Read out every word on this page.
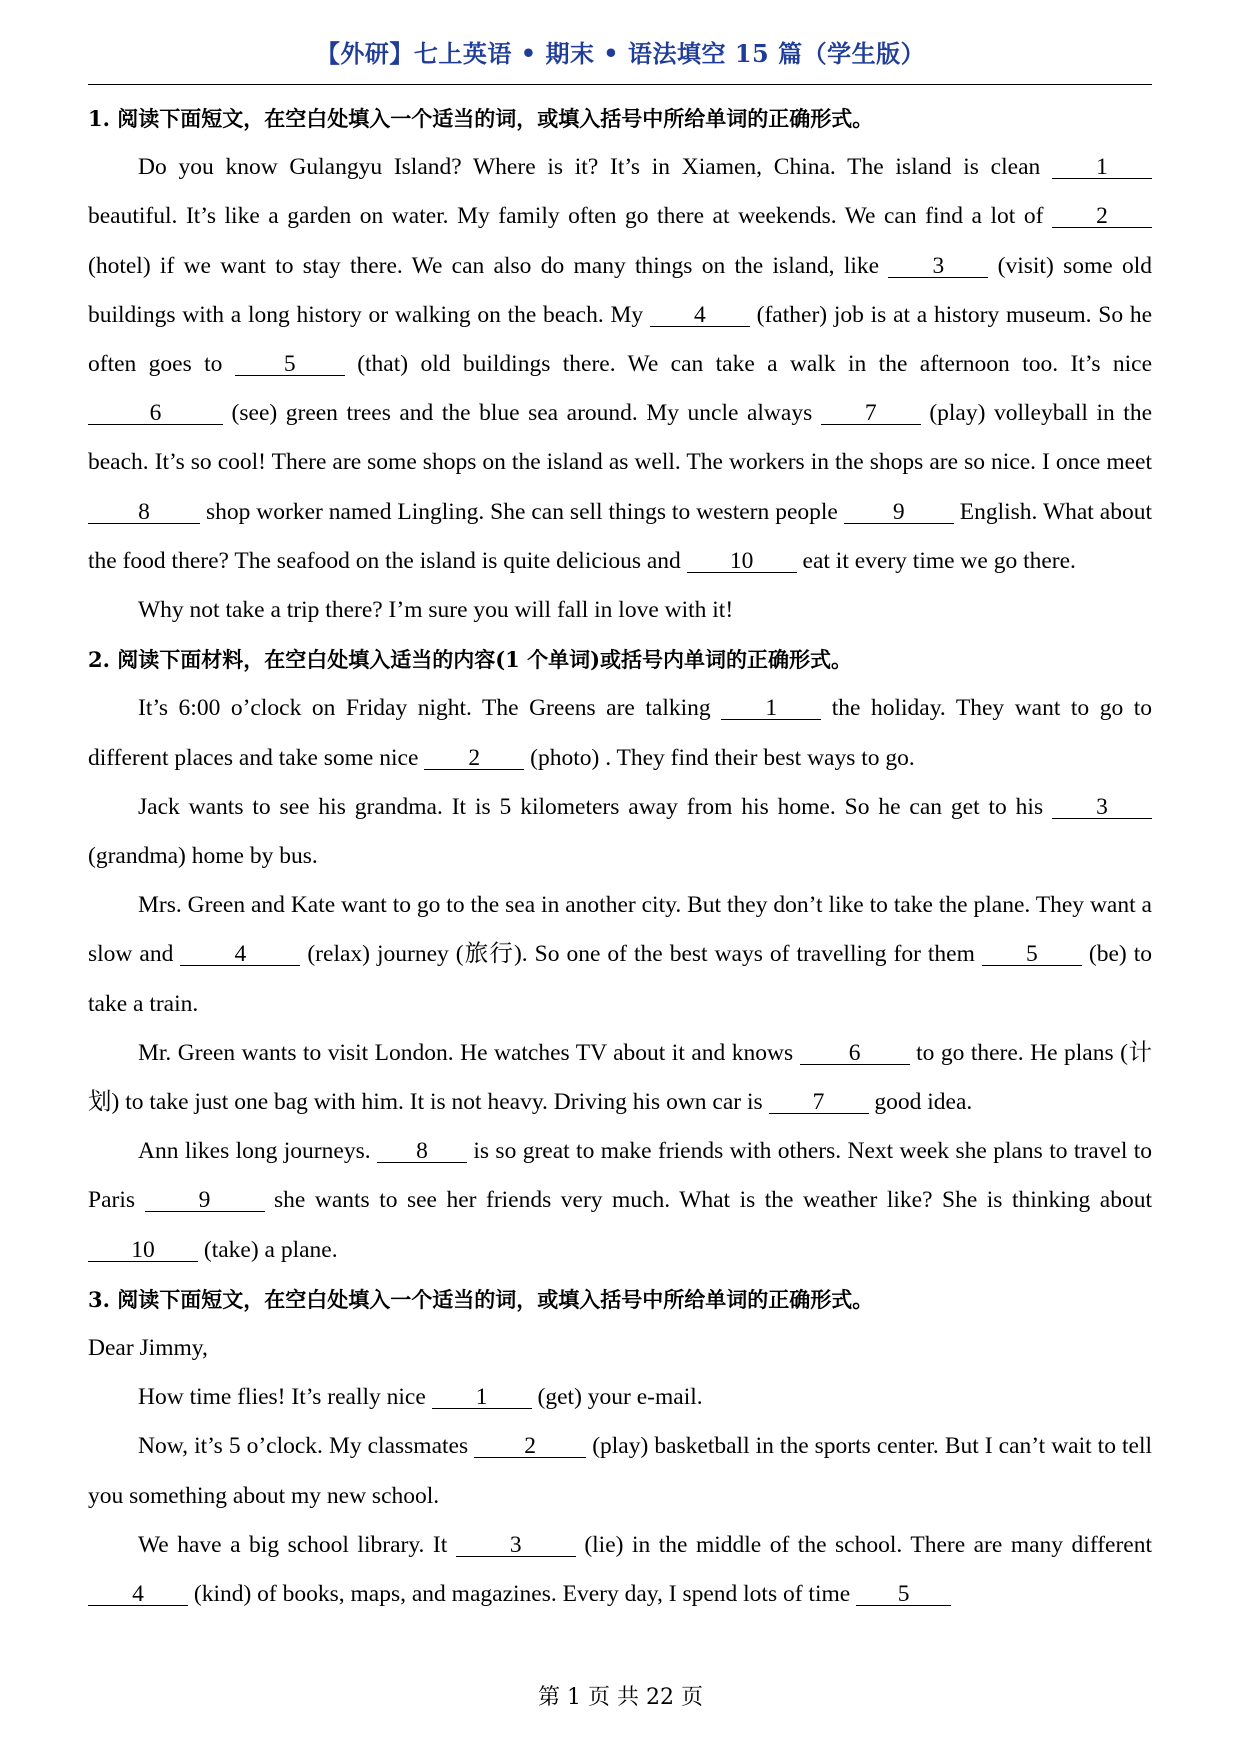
【外研】七上英语 • 期末 • 语法填空 15 篇（学生版）
1. 阅读下面短文，在空白处填入一个适当的词，或填入括号中所给单词的正确形式。

Do you know Gulangyu Island? Where is it? It’s in Xiamen, China. The island is clean 1 beautiful. It’s like a garden on water. My family often go there at weekends. We can find a lot of 2 (hotel) if we want to stay there. We can also do many things on the island, like 3 (visit) some old buildings with a long history or walking on the beach. My 4 (father) job is at a history museum. So he often goes to	5	(that) old buildings there. We can take a walk in the afternoon too. It’s nice 6	(see) green trees and the blue sea around. My uncle always 7 (play) volleyball in the beach. It’s so cool! There are some shops on the island as well. The workers in the shops are so nice. I once meet 8 shop worker named Lingling. She can sell things to western people 9 English. What about the food there? The seafood on the island is quite delicious and 10 eat it every time we go there.

Why not take a trip there? I’m sure you will fall in love with it!

2. 阅读下面材料，在空白处填入适当的内容(1 个单词)或括号内单词的正确形式。

It’s 6:00 o’clock on Friday night. The Greens are talking 1 the holiday. They want to go to different places and take some nice 2 (photo) . They find their best ways to go.

Jack wants to see his grandma. It is 5 kilometers away from his home. So he can get to his 3 (grandma) home by bus.

Mrs. Green and Kate want to go to the sea in another city. But they don’t like to take the plane. They want a slow and	4	(relax) journey (旅行). So one of the best ways of travelling for them 5 (be) to take a train.

Mr. Green wants to visit London. He watches TV about it and knows 6 to go there. He plans (计划) to take just one bag with him. It is not heavy. Driving his own car is 7 good idea.

Ann likes long journeys. 8 is so great to make friends with others. Next week she plans to travel to Paris	9	she wants to see her friends very much. What is the weather like? She is thinking about 10 (take) a plane.

3. 阅读下面短文，在空白处填入一个适当的词，或填入括号中所给单词的正确形式。

Dear Jimmy,

How time flies! It’s really nice 1 (get) your e-mail.

Now, it’s 5 o’clock. My classmates 2 (play) basketball in the sports center. But I can’t wait to tell you something about my new school.

We have a big school library. It	3	(lie) in the middle of the school. There are many different 4 (kind) of books, maps, and magazines. Every day, I spend lots of time 5

第 1 页 共 22 页
